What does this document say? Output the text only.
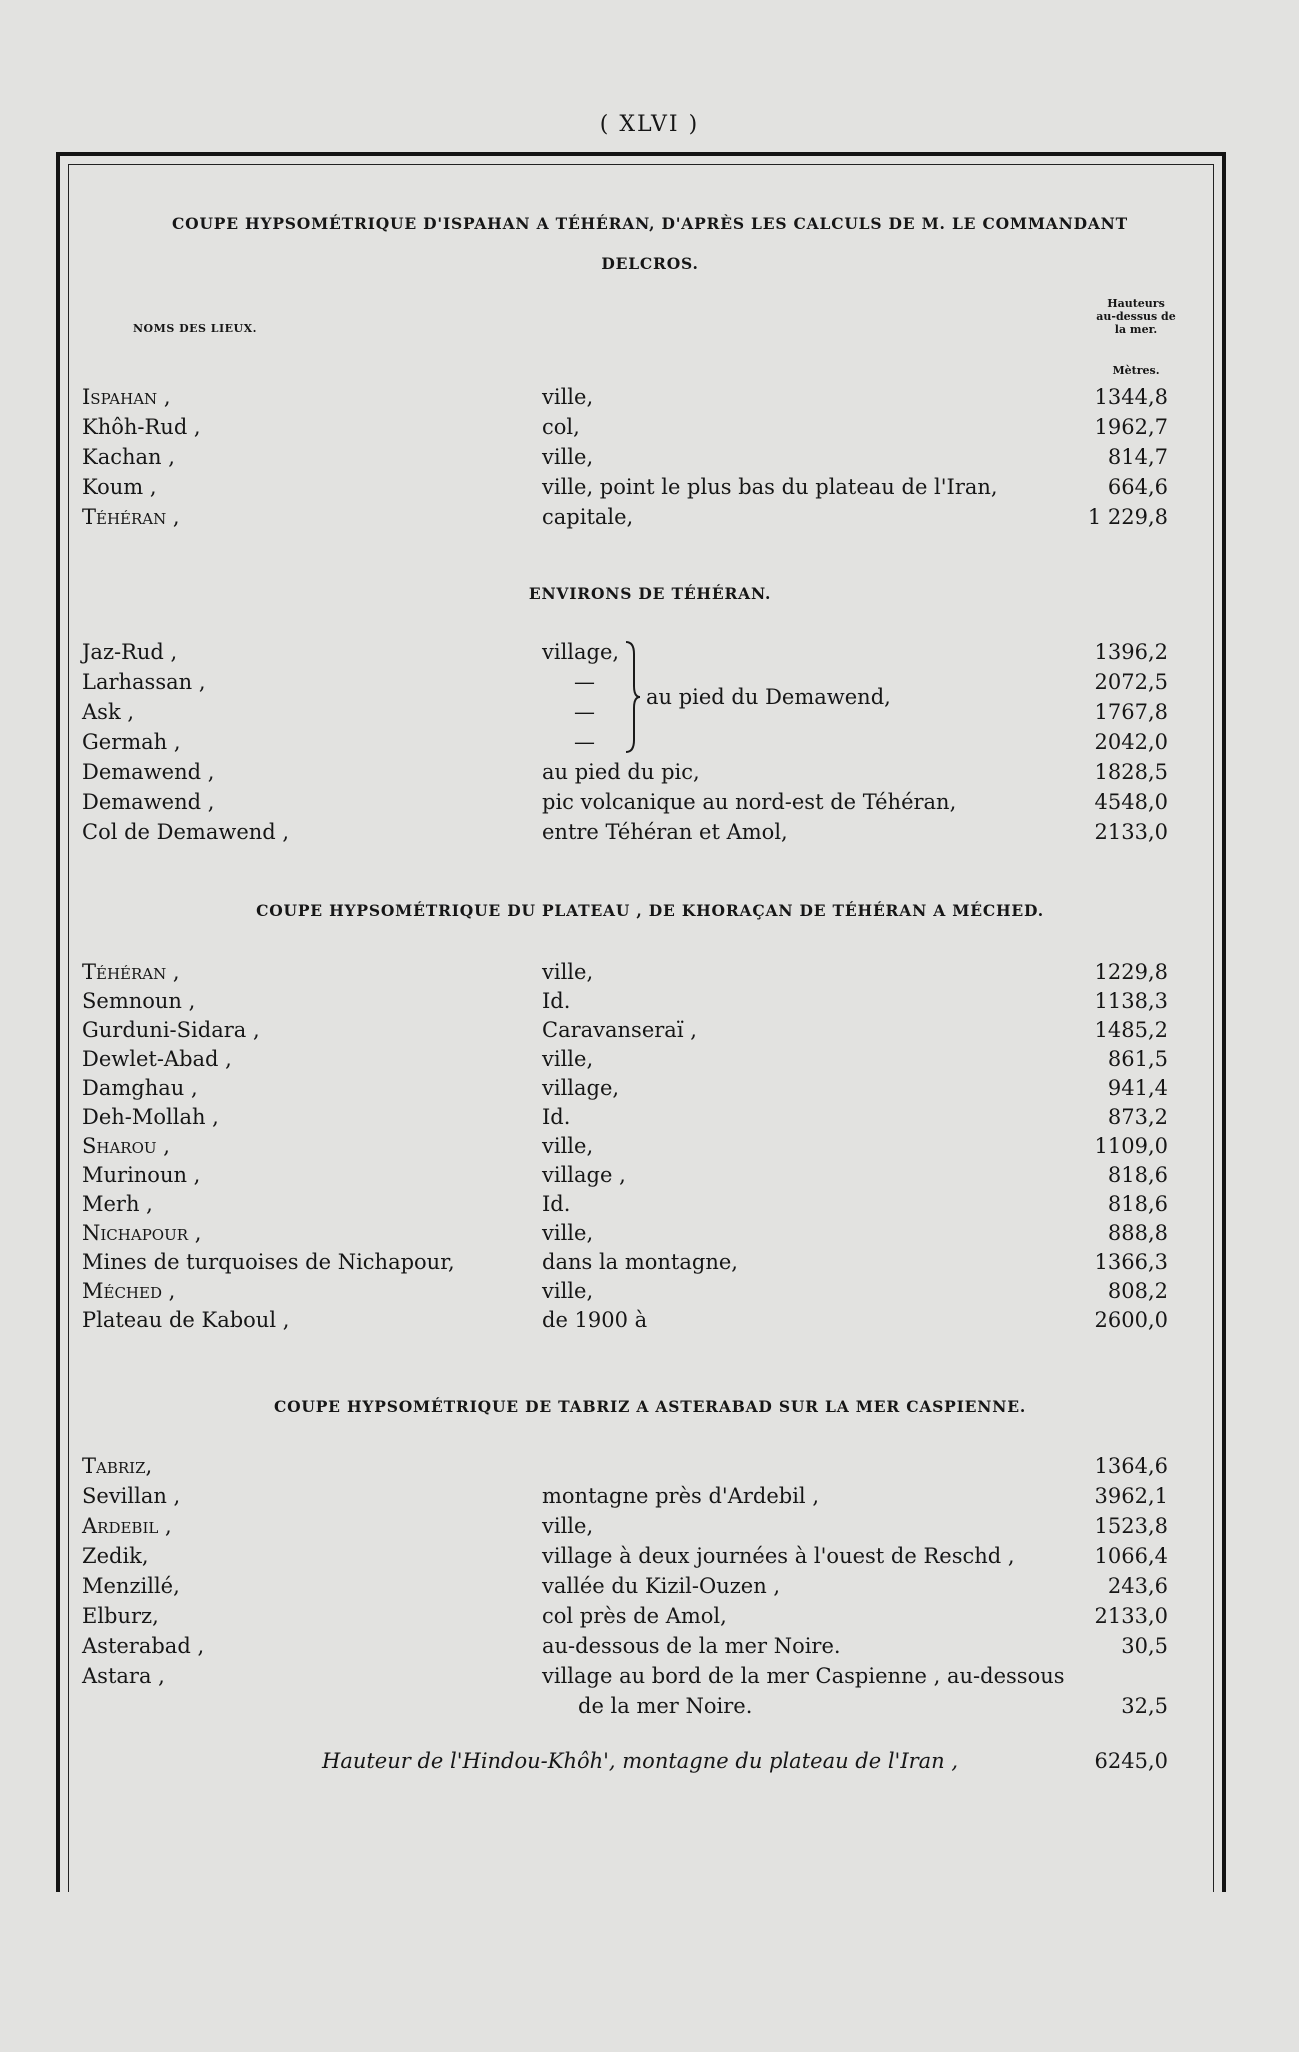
( XLVI )
COUPE HYPSOMÉTRIQUE D'ISPAHAN A TÉHÉRAN, D'APRÈS LES CALCULS DE M. LE COMMANDANT
DELCROS.
NOMS DES LIEUX.
Hauteurs
au-dessus de
la mer.
Mètres.
Ispahan ,	ville,	1344,8
Khôh-Rud ,	col,	1962,7
Kachan ,	ville,	814,7
Koum ,	ville, point le plus bas du plateau de l'Iran,	664,6
Téhéran ,	capitale,	1 229,8
ENVIRONS DE TÉHÉRAN.
Jaz-Rud ,	village,	1396,2
Larhassan ,	—	2072,5
Ask ,	—	1767,8
Germah ,	—	2042,0
au pied du Demawend,
Demawend ,	au pied du pic,	1828,5
Demawend ,	pic volcanique au nord-est de Téhéran,	4548,0
Col de Demawend ,	entre Téhéran et Amol,	2133,0
COUPE HYPSOMÉTRIQUE DU PLATEAU , DE KHORAÇAN DE TÉHÉRAN A MÉCHED.
Téhéran ,	ville,	1229,8
Semnoun ,	Id.	1138,3
Gurduni-Sidara ,	Caravanseraï ,	1485,2
Dewlet-Abad ,	ville,	861,5
Damghau ,	village,	941,4
Deh-Mollah ,	Id.	873,2
Sharou ,	ville,	1109,0
Murinoun ,	village ,	818,6
Merh ,	Id.	818,6
Nichapour ,	ville,	888,8
Mines de turquoises de Nichapour,	dans la montagne,	1366,3
Méched ,	ville,	808,2
Plateau de Kaboul ,	de 1900 à	2600,0
COUPE HYPSOMÉTRIQUE DE TABRIZ A ASTERABAD SUR LA MER CASPIENNE.
Tabriz,	1364,6
Sevillan ,	montagne près d'Ardebil ,	3962,1
Ardebil ,	ville,	1523,8
Zedik,	village à deux journées à l'ouest de Reschd ,	1066,4
Menzillé,	vallée du Kizil-Ouzen ,	243,6
Elburz,	col près de Amol,	2133,0
Asterabad ,	au-dessous de la mer Noire.	30,5
Astara ,	village au bord de la mer Caspienne , au-dessous
de la mer Noire.	32,5
Hauteur de l'Hindou-Khôh', montagne du plateau de l'Iran ,	6245,0
